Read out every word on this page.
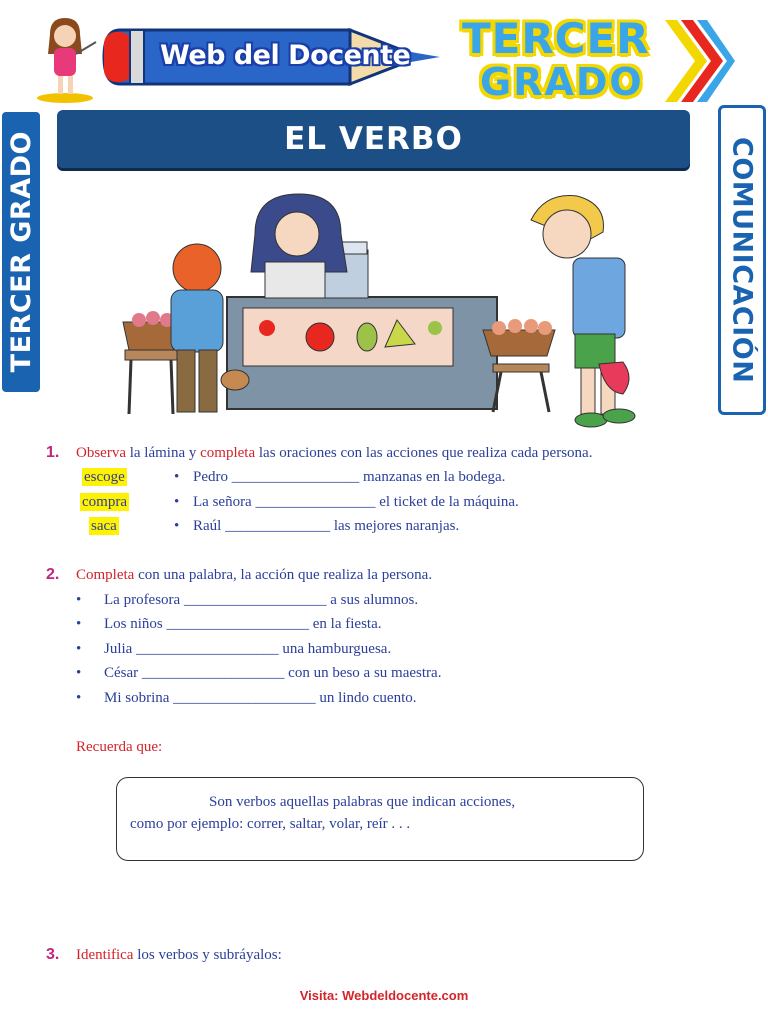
Web del Docente TERCER
GRADO
EL VERBO
TERCER GRADO	COMUNICACIÓN
1. Observa la lámina y completa las oraciones con las acciones que realiza cada persona.
escoge	• Pedro _________________ manzanas en la bodega.
compra	• La señora ________________ el ticket de la máquina.
saca	• Raúl ______________ las mejores naranjas.
2. Completa con una palabra, la acción que realiza la persona.
• La profesora ___________________ a sus alumnos.
• Los niños ___________________ en la fiesta.
• Julia ___________________ una hamburguesa.
• César ___________________ con un beso a su maestra.
• Mi sobrina ___________________ un lindo cuento.
Recuerda que:
Son verbos aquellas palabras que indican acciones,
como por ejemplo: correr, saltar, volar, reír . . .
3. Identifica los verbos y subráyalos:
Visita: Webdeldocente.com
